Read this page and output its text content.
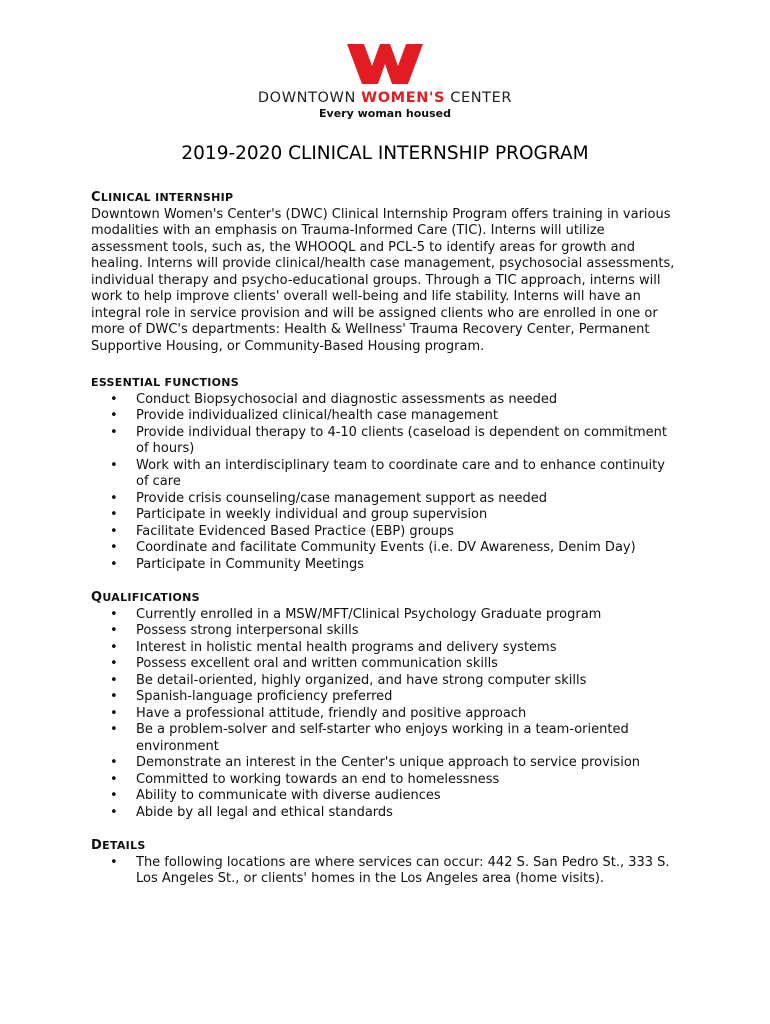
DOWNTOWN WOMEN'S CENTER
Every woman housed
2019-2020 CLINICAL INTERNSHIP PROGRAM
CLINICAL INTERNSHIP

Downtown Women's Center's (DWC) Clinical Internship Program offers training in various modalities with an emphasis on Trauma-Informed Care (TIC). Interns will utilize assessment tools, such as, the WHOOQL and PCL-5 to identify areas for growth and healing. Interns will provide clinical/health case management, psychosocial assessments, individual therapy and psycho-educational groups. Through a TIC approach, interns will work to help improve clients' overall well-being and life stability. Interns will have an integral role in service provision and will be assigned clients who are enrolled in one or more of DWC's departments: Health & Wellness' Trauma Recovery Center, Permanent Supportive Housing, or Community-Based Housing program.

ESSENTIAL FUNCTIONS
• Conduct Biopsychosocial and diagnostic assessments as needed
• Provide individualized clinical/health case management
• Provide individual therapy to 4-10 clients (caseload is dependent on commitment of hours)
• Work with an interdisciplinary team to coordinate care and to enhance continuity of care
• Provide crisis counseling/case management support as needed
• Participate in weekly individual and group supervision
• Facilitate Evidenced Based Practice (EBP) groups
• Coordinate and facilitate Community Events (i.e. DV Awareness, Denim Day)
• Participate in Community Meetings
QUALIFICATIONS
• Currently enrolled in a MSW/MFT/Clinical Psychology Graduate program
• Possess strong interpersonal skills
• Interest in holistic mental health programs and delivery systems
• Possess excellent oral and written communication skills
• Be detail-oriented, highly organized, and have strong computer skills
• Spanish-language proficiency preferred
• Have a professional attitude, friendly and positive approach
• Be a problem-solver and self-starter who enjoys working in a team-oriented environment
• Demonstrate an interest in the Center's unique approach to service provision
• Committed to working towards an end to homelessness
• Ability to communicate with diverse audiences
• Abide by all legal and ethical standards
DETAILS
• The following locations are where services can occur: 442 S. San Pedro St., 333 S. Los Angeles St., or clients' homes in the Los Angeles area (home visits).
